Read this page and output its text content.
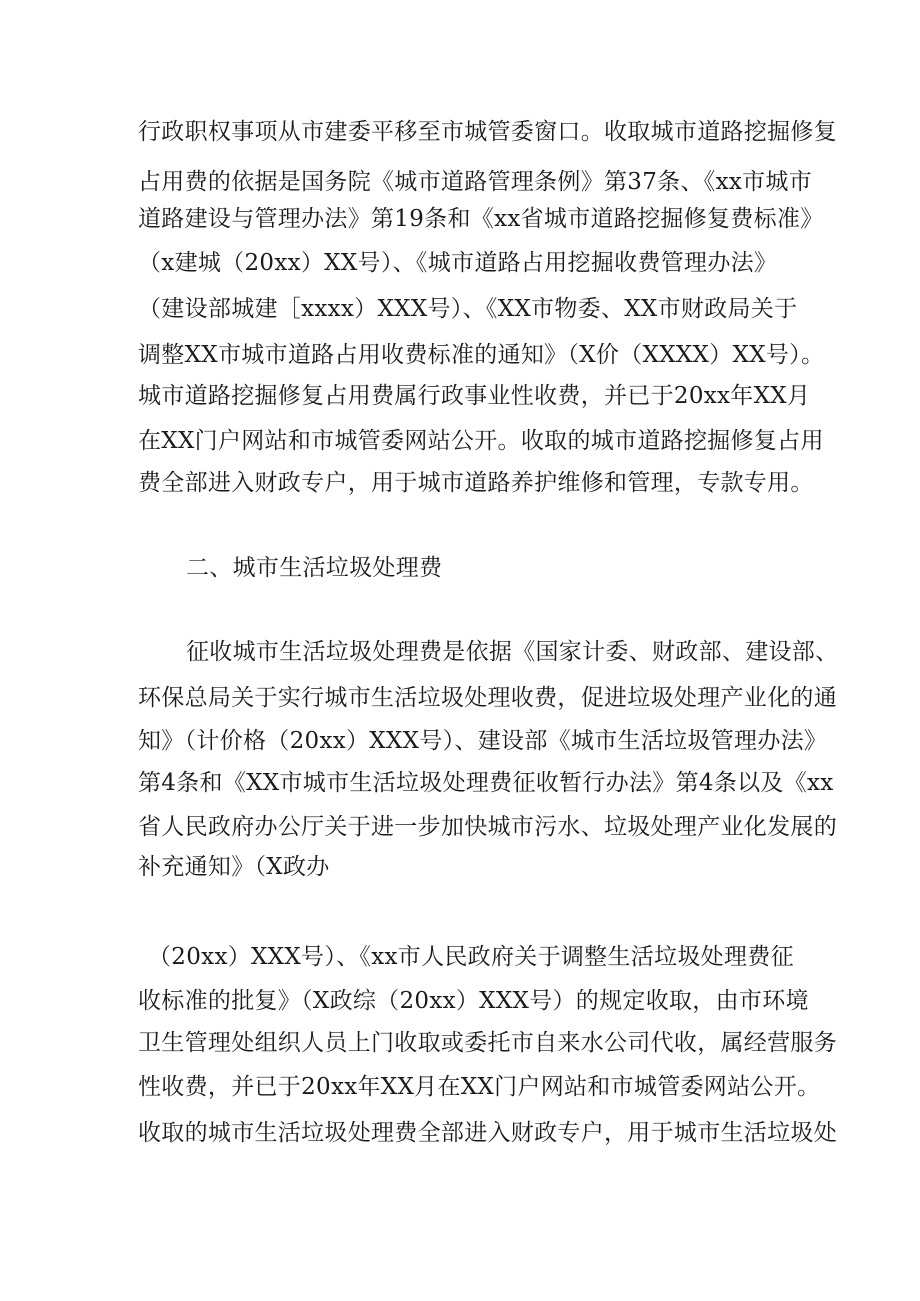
行政职权事项从市建委平移至市城管委窗口。收取城市道路挖掘修复
占用费的依据是国务院《城市道路管理条例》第37条、《xx市城市
道路建设与管理办法》第19条和《xx省城市道路挖掘修复费标准》
（x建城（20xx）XX号）、《城市道路占用挖掘收费管理办法》
（建设部城建［xxxx）XXX号）、《XX市物委、XX市财政局关于
调整XX市城市道路占用收费标准的通知》（X价（XXXX）XX号）。
城市道路挖掘修复占用费属行政事业性收费，并已于20xx年XX月
在XX门户网站和市城管委网站公开。收取的城市道路挖掘修复占用
费全部进入财政专户，用于城市道路养护维修和管理，专款专用。
二、城市生活垃圾处理费
征收城市生活垃圾处理费是依据《国家计委、财政部、建设部、
环保总局关于实行城市生活垃圾处理收费，促进垃圾处理产业化的通
知》（计价格（20xx）XXX号）、建设部《城市生活垃圾管理办法》
第4条和《XX市城市生活垃圾处理费征收暂行办法》第4条以及《xx
省人民政府办公厅关于进一步加快城市污水、垃圾处理产业化发展的
补充通知》（X政办
（20xx）XXX号）、《xx市人民政府关于调整生活垃圾处理费征
收标准的批复》（X政综（20xx）XXX号）的规定收取，由市环境
卫生管理处组织人员上门收取或委托市自来水公司代收，属经营服务
性收费，并已于20xx年XX月在XX门户网站和市城管委网站公开。
收取的城市生活垃圾处理费全部进入财政专户，用于城市生活垃圾处
